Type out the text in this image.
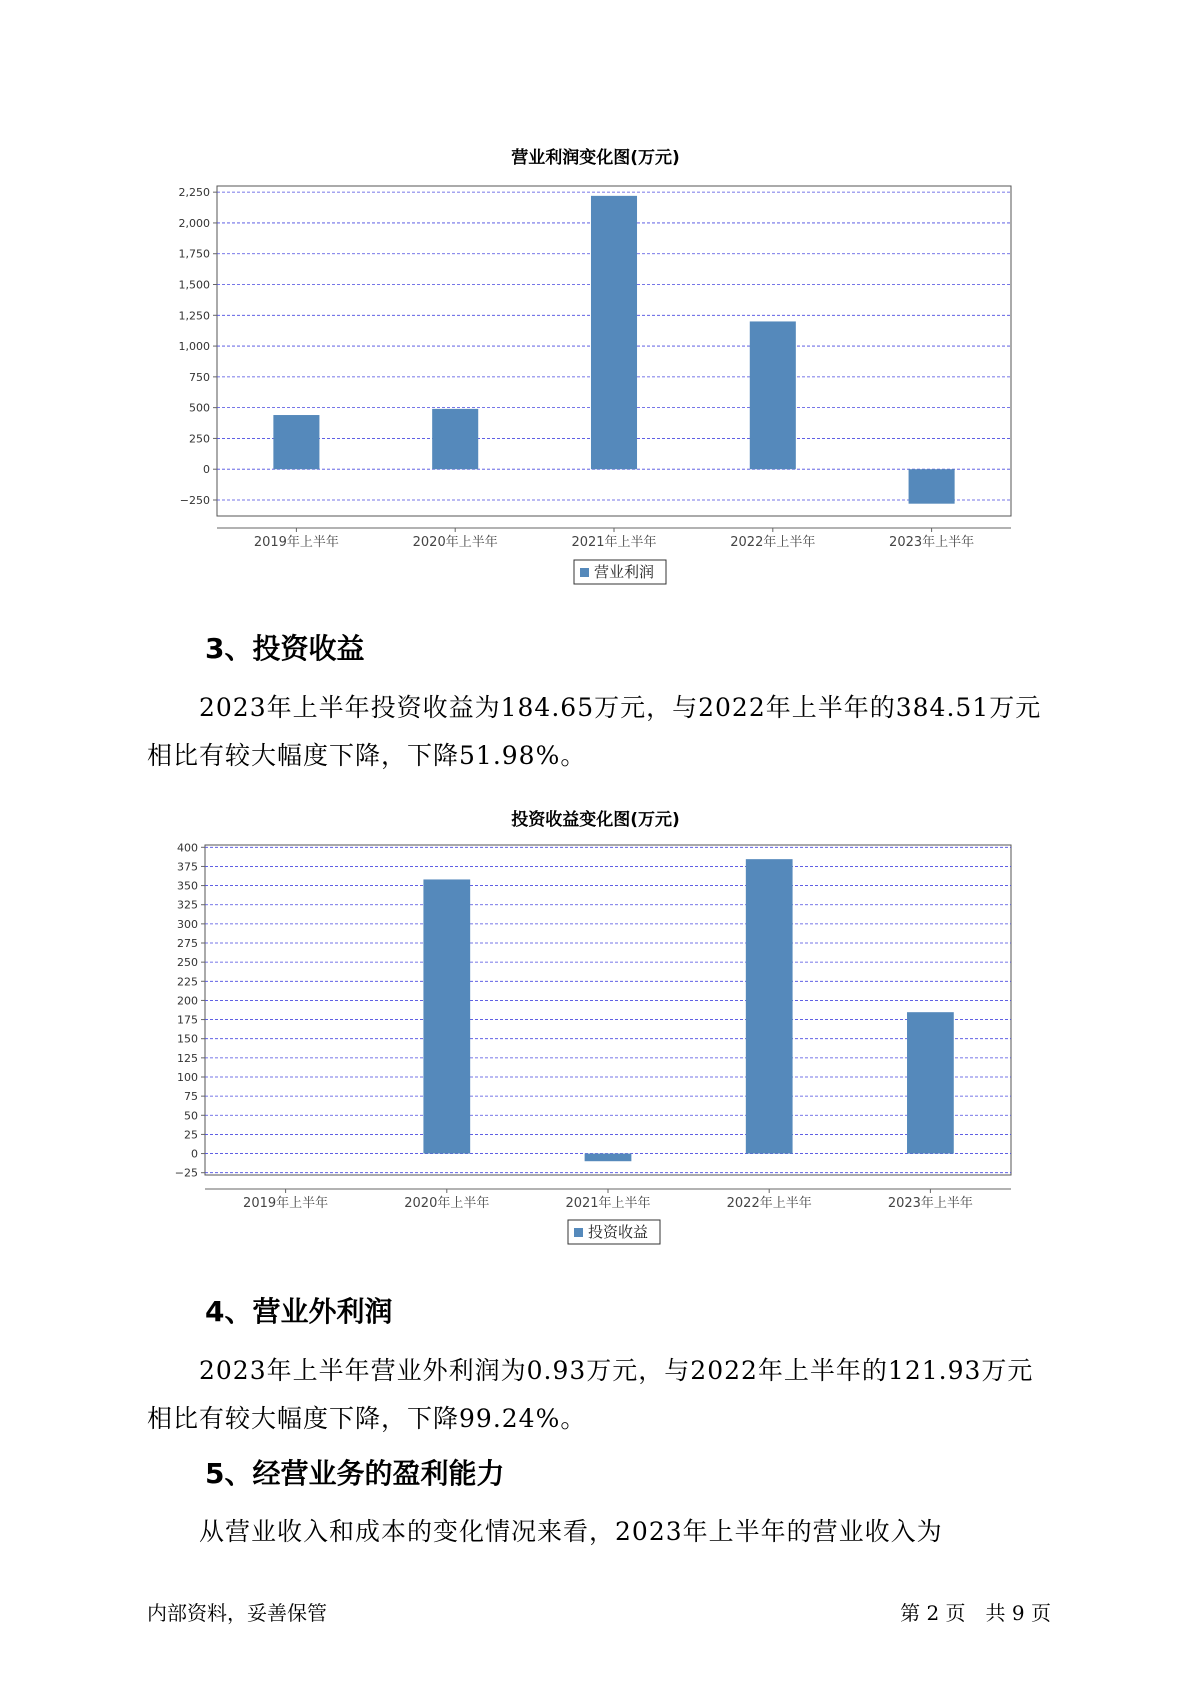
营业利润变化图(万元)
−250
0
250
500
750
1,000
1,250
1,500
1,750
2,000
2,250
2019年上半年	2020年上半年	2021年上半年	2022年上半年	2023年上半年
营业利润
3、投资收益
2023年上半年投资收益为184.65万元，与2022年上半年的384.51万元
相比有较大幅度下降，下降51.98%。
投资收益变化图(万元)
−25
0
25
50
75
100
125
150
175
200
225
250
275
300
325
350
375
400
2019年上半年	2020年上半年	2021年上半年	2022年上半年	2023年上半年
投资收益
4、营业外利润
2023年上半年营业外利润为0.93万元，与2022年上半年的121.93万元
相比有较大幅度下降，下降99.24%。
5、经营业务的盈利能力
从营业收入和成本的变化情况来看，2023年上半年的营业收入为
内部资料，妥善保管	第 2 页　共 9 页
